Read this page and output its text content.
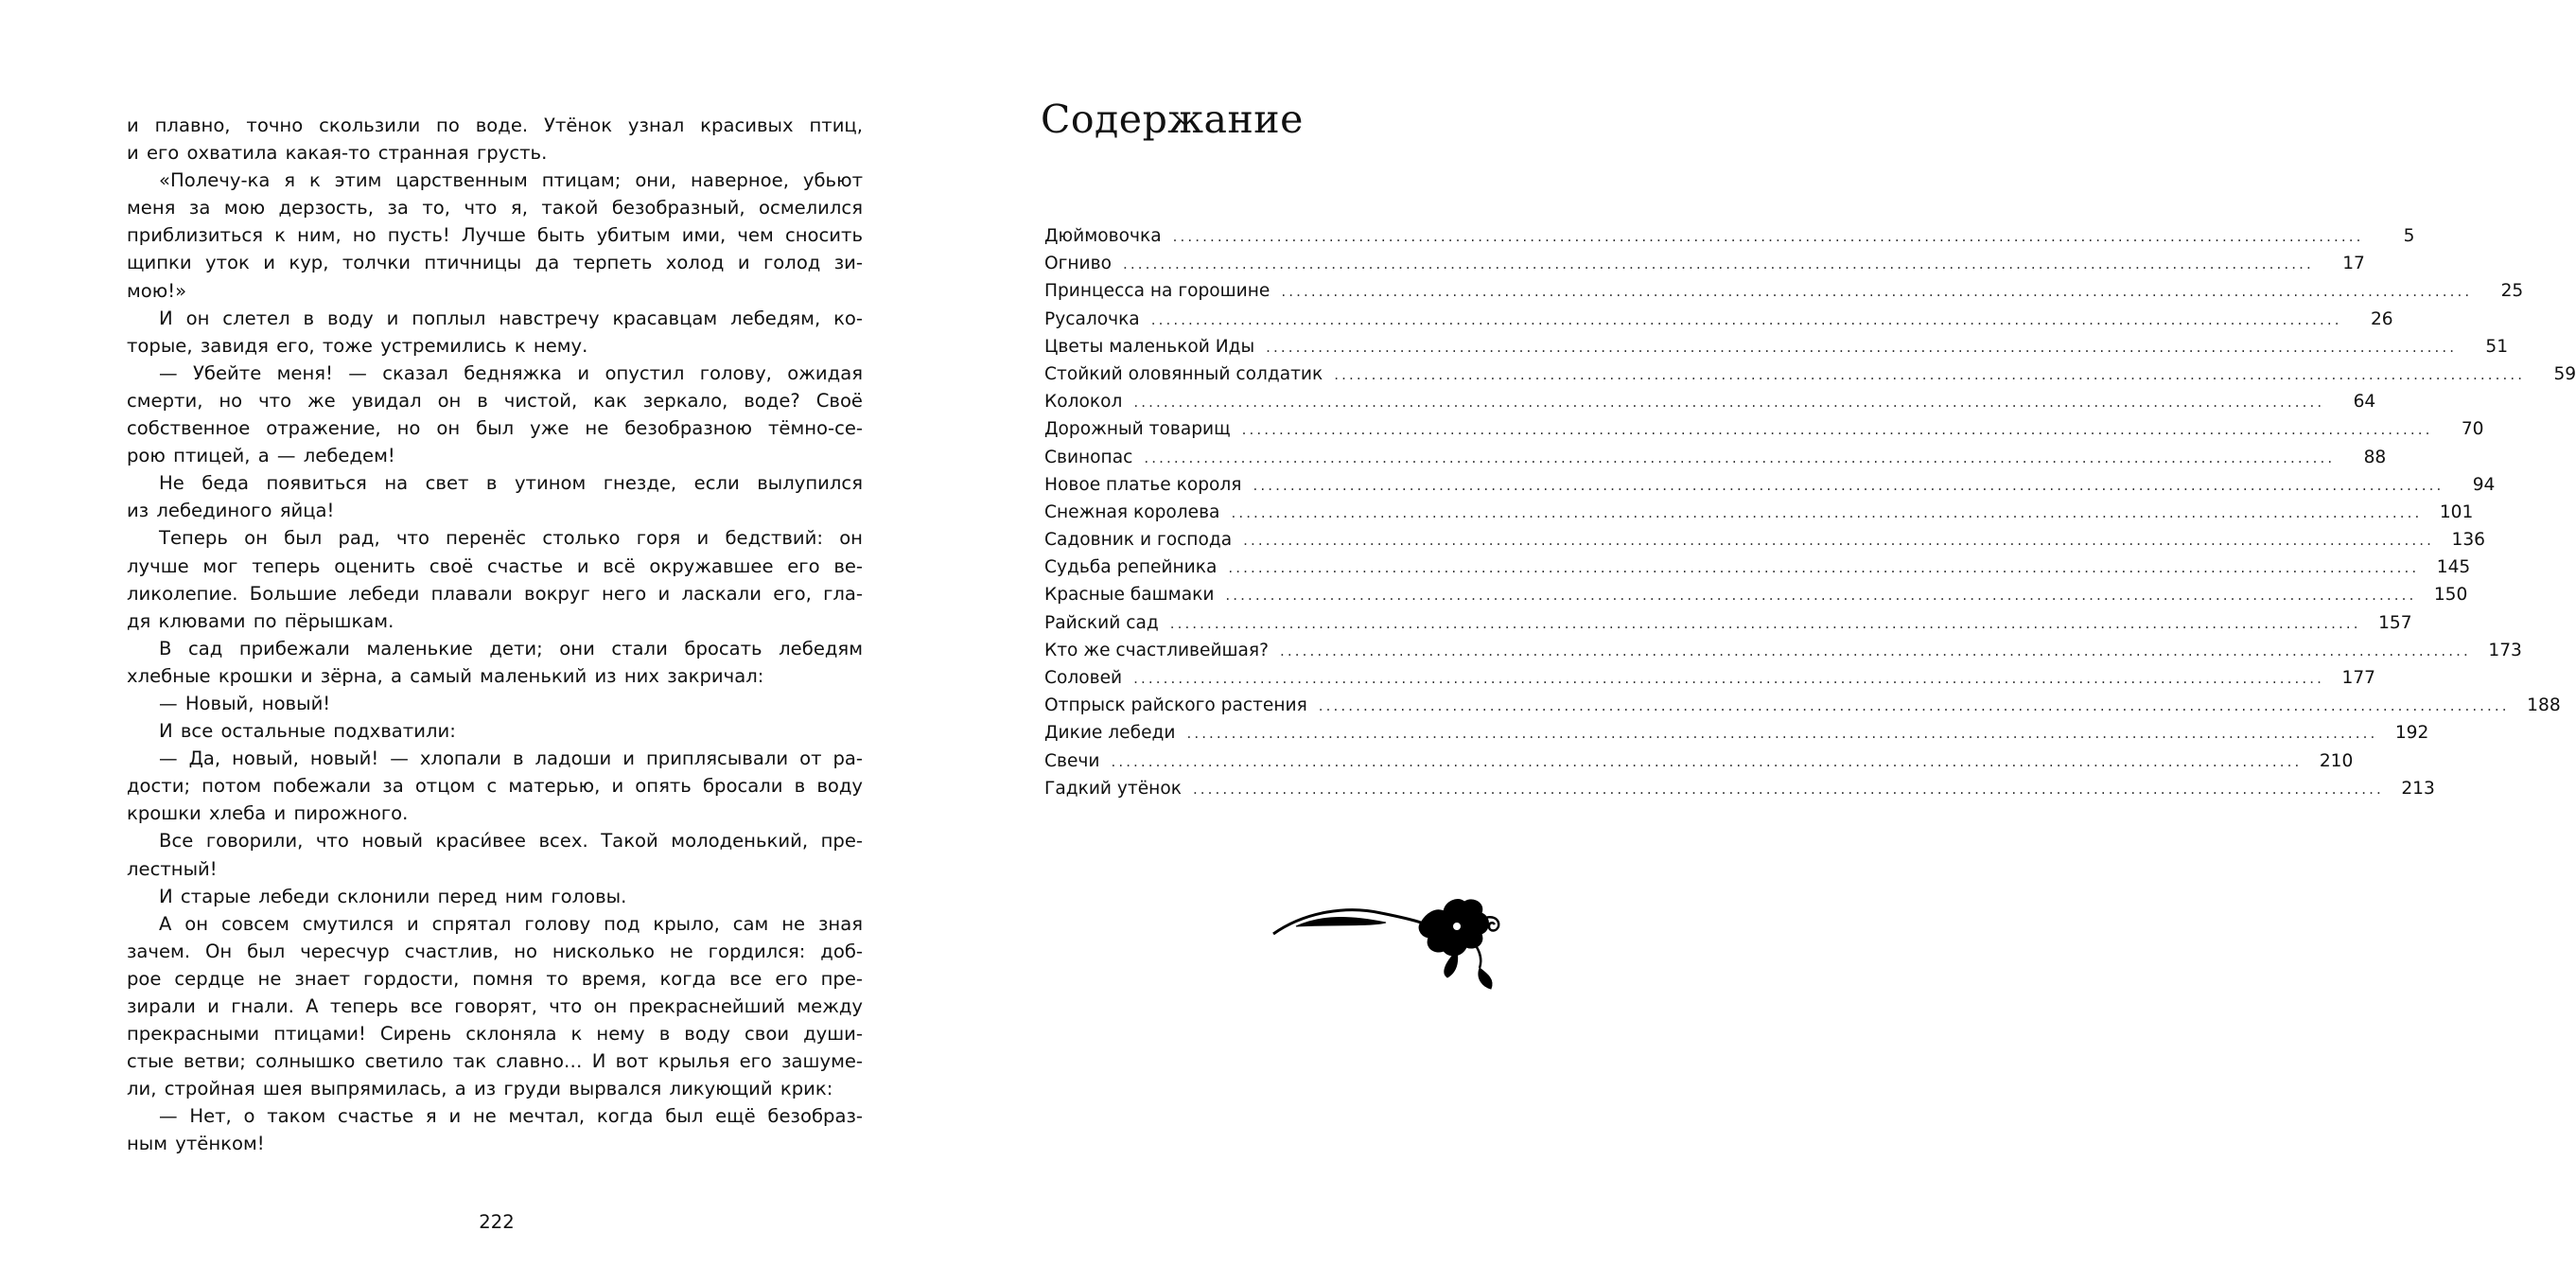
и плавно, точно скользили по воде. Утёнок узнал красивых птиц,
и его охватила какая-то странная грусть.
«Полечу-ка я к этим царственным птицам; они, наверное, убьют
меня за мою дерзость, за то, что я, такой безобразный, осмелился
приблизиться к ним, но пусть! Лучше быть убитым ими, чем сносить
щипки уток и кур, толчки птичницы да терпеть холод и голод зи-
мою!»
И он слетел в воду и поплыл навстречу красавцам лебедям, ко-
торые, завидя его, тоже устремились к нему.
— Убейте меня! — сказал бедняжка и опустил голову, ожидая
смерти, но что же увидал он в чистой, как зеркало, воде? Своё
собственное отражение, но он был уже не безобразною тёмно-се-
рою птицей, а — лебедем!
Не беда появиться на свет в утином гнезде, если вылупился
из лебединого яйца!
Теперь он был рад, что перенёс столько горя и бедствий: он
лучше мог теперь оценить своё счастье и всё окружавшее его ве-
ликолепие. Большие лебеди плавали вокруг него и ласкали его, гла-
дя клювами по пёрышкам.
В сад прибежали маленькие дети; они стали бросать лебедям
хлебные крошки и зёрна, а самый маленький из них закричал:
— Новый, новый!
И все остальные подхватили:
— Да, новый, новый! — хлопали в ладоши и приплясывали от ра-
дости; потом побежали за отцом с матерью, и опять бросали в воду
крошки хлеба и пирожного.
Все говорили, что новый краси́вее всех. Такой молоденький, пре-
лестный!
И старые лебеди склонили перед ним головы.
А он совсем смутился и спрятал голову под крыло, сам не зная
зачем. Он был чересчур счастлив, но нисколько не гордился: доб-
рое сердце не знает гордости, помня то время, когда все его пре-
зирали и гнали. А теперь все говорят, что он прекраснейший между
прекрасными птицами! Сирень склоняла к нему в воду свои души-
стые ветви; солнышко светило так славно… И вот крылья его зашуме-
ли, стройная шея выпрямилась, а из груди вырвался ликующий крик:
— Нет, о таком счастье я и не мечтал, когда был ещё безобраз-
ным утёнком!
222
Содержание
Дюймовочка ................................................................................................................................................................	5
Огниво ................................................................................................................................................................	17
Принцесса на горошине ................................................................................................................................................................	25
Русалочка ................................................................................................................................................................	26
Цветы маленькой Иды ................................................................................................................................................................	51
Стойкий оловянный солдатик ................................................................................................................................................................	59
Колокол ................................................................................................................................................................	64
Дорожный товарищ ................................................................................................................................................................	70
Свинопас ................................................................................................................................................................	88
Новое платье короля ................................................................................................................................................................	94
Снежная королева ................................................................................................................................................................ 101
Садовник и господа ................................................................................................................................................................ 136
Судьба репейника ................................................................................................................................................................ 145
Красные башмаки ................................................................................................................................................................ 150
Райский сад ................................................................................................................................................................ 157
Кто же счастливейшая? ................................................................................................................................................................ 173
Соловей ................................................................................................................................................................ 177
Отпрыск райского растения ................................................................................................................................................................ 188
Дикие лебеди ................................................................................................................................................................ 192
Свечи ................................................................................................................................................................ 210
Гадкий утёнок ................................................................................................................................................................ 213
